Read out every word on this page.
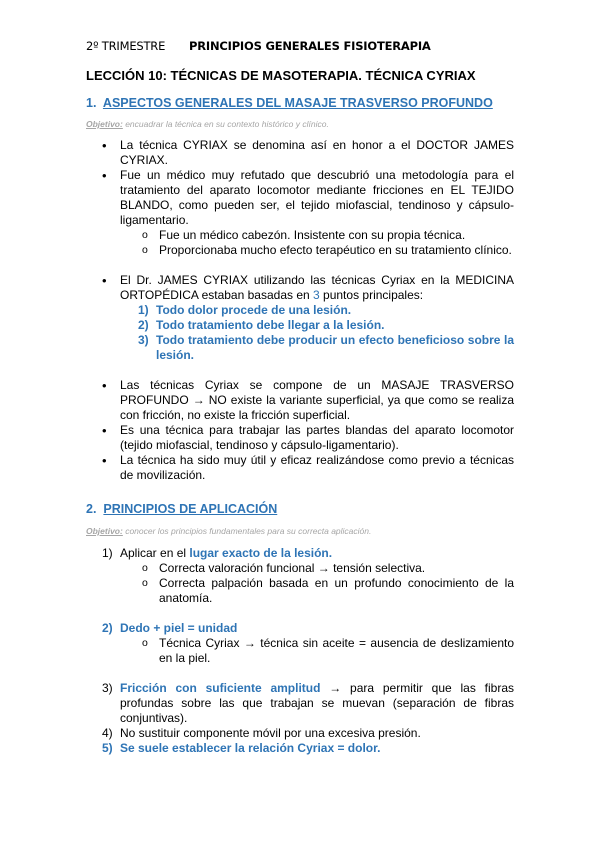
2º TRIMESTRE PRINCIPIOS GENERALES FISIOTERAPIA
LECCIÓN 10: TÉCNICAS DE MASOTERAPIA. TÉCNICA CYRIAX
1. ASPECTOS GENERALES DEL MASAJE TRASVERSO PROFUNDO
Objetivo: encuadrar la técnica en su contexto histórico y clínico.
• La técnica CYRIAX se denomina así en honor a el DOCTOR JAMES CYRIAX.
• Fue un médico muy refutado que descubrió una metodología para el tratamiento del aparato locomotor mediante fricciones en EL TEJIDO BLANDO, como pueden ser, el tejido miofascial, tendinoso y cápsulo-ligamentario.
o Fue un médico cabezón. Insistente con su propia técnica.
o Proporcionaba mucho efecto terapéutico en su tratamiento clínico.
• El Dr. JAMES CYRIAX utilizando las técnicas Cyriax en la MEDICINA ORTOPÉDICA estaban basadas en 3 puntos principales:
1) Todo dolor procede de una lesión.
2) Todo tratamiento debe llegar a la lesión.
3) Todo tratamiento debe producir un efecto beneficioso sobre la lesión.
• Las técnicas Cyriax se compone de un MASAJE TRASVERSO PROFUNDO → NO existe la variante superficial, ya que como se realiza con fricción, no existe la fricción superficial.
• Es una técnica para trabajar las partes blandas del aparato locomotor (tejido miofascial, tendinoso y cápsulo-ligamentario).
• La técnica ha sido muy útil y eficaz realizándose como previo a técnicas de movilización.
2. PRINCIPIOS DE APLICACIÓN
Objetivo: conocer los principios fundamentales para su correcta aplicación.
1) Aplicar en el lugar exacto de la lesión.
o Correcta valoración funcional → tensión selectiva.
o Correcta palpación basada en un profundo conocimiento de la anatomía.
2) Dedo + piel = unidad
o Técnica Cyriax → técnica sin aceite = ausencia de deslizamiento en la piel.
3) Fricción con suficiente amplitud → para permitir que las fibras profundas sobre las que trabajan se muevan (separación de fibras conjuntivas).
4) No sustituir componente móvil por una excesiva presión.
5) Se suele establecer la relación Cyriax = dolor.
